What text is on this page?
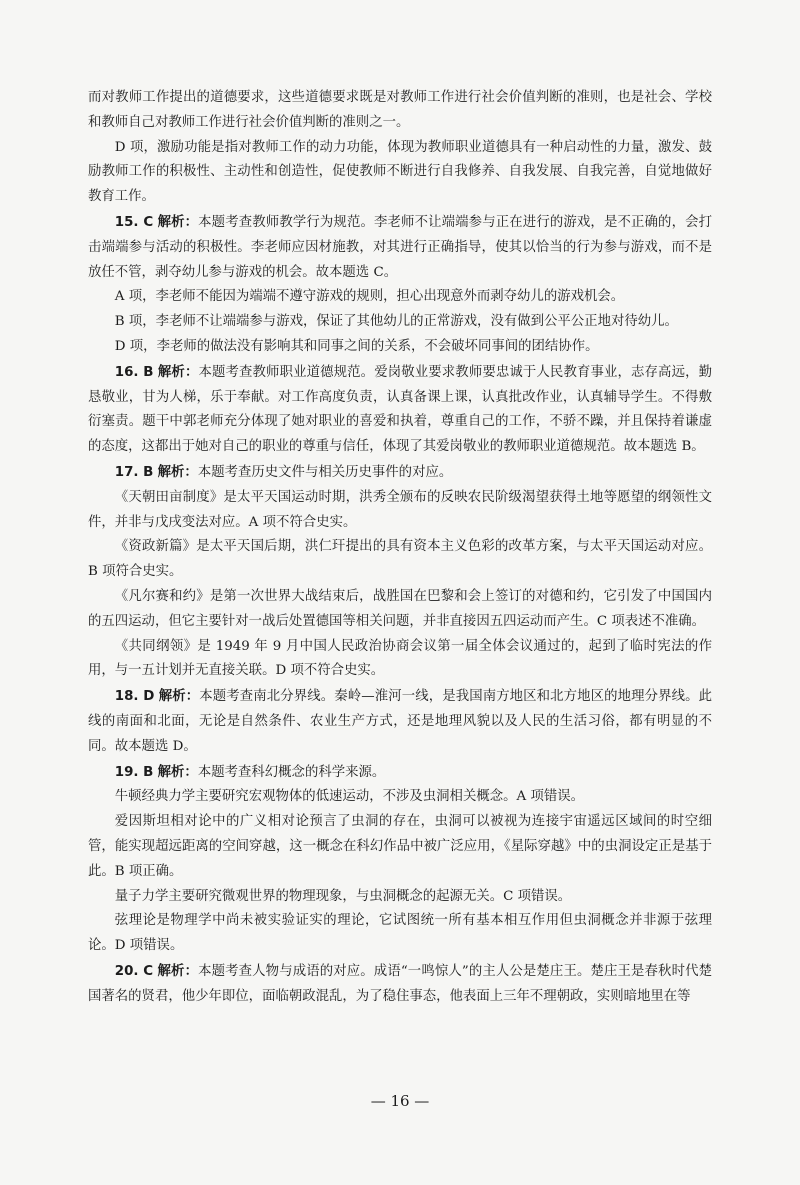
而对教师工作提出的道德要求，这些道德要求既是对教师工作进行社会价值判断的准则，也是社会、学校和教师自己对教师工作进行社会价值判断的准则之一。

D 项，激励功能是指对教师工作的动力功能，体现为教师职业道德具有一种启动性的力量，激发、鼓励教师工作的积极性、主动性和创造性，促使教师不断进行自我修养、自我发展、自我完善，自觉地做好教育工作。

15. C 解析：本题考查教师教学行为规范。李老师不让端端参与正在进行的游戏，是不正确的，会打击端端参与活动的积极性。李老师应因材施教，对其进行正确指导，使其以恰当的行为参与游戏，而不是放任不管，剥夺幼儿参与游戏的机会。故本题选 C。

A 项，李老师不能因为端端不遵守游戏的规则，担心出现意外而剥夺幼儿的游戏机会。

B 项，李老师不让端端参与游戏，保证了其他幼儿的正常游戏，没有做到公平公正地对待幼儿。

D 项，李老师的做法没有影响其和同事之间的关系，不会破坏同事间的团结协作。

16. B 解析：本题考查教师职业道德规范。爱岗敬业要求教师要忠诚于人民教育事业，志存高远，勤恳敬业，甘为人梯，乐于奉献。对工作高度负责，认真备课上课，认真批改作业，认真辅导学生。不得敷衍塞责。题干中郭老师充分体现了她对职业的喜爱和执着，尊重自己的工作，不骄不躁，并且保持着谦虚的态度，这都出于她对自己的职业的尊重与信任，体现了其爱岗敬业的教师职业道德规范。故本题选 B。

17. B 解析：本题考查历史文件与相关历史事件的对应。

《天朝田亩制度》是太平天国运动时期，洪秀全颁布的反映农民阶级渴望获得土地等愿望的纲领性文件，并非与戊戌变法对应。A 项不符合史实。

《资政新篇》是太平天国后期，洪仁玕提出的具有资本主义色彩的改革方案，与太平天国运动对应。B 项符合史实。

《凡尔赛和约》是第一次世界大战结束后，战胜国在巴黎和会上签订的对德和约，它引发了中国国内的五四运动，但它主要针对一战后处置德国等相关问题，并非直接因五四运动而产生。C 项表述不准确。

《共同纲领》是 1949 年 9 月中国人民政治协商会议第一届全体会议通过的，起到了临时宪法的作用，与一五计划并无直接关联。D 项不符合史实。

18. D 解析：本题考查南北分界线。秦岭—淮河一线，是我国南方地区和北方地区的地理分界线。此线的南面和北面，无论是自然条件、农业生产方式，还是地理风貌以及人民的生活习俗，都有明显的不同。故本题选 D。

19. B 解析：本题考查科幻概念的科学来源。

牛顿经典力学主要研究宏观物体的低速运动，不涉及虫洞相关概念。A 项错误。

爱因斯坦相对论中的广义相对论预言了虫洞的存在，虫洞可以被视为连接宇宙遥远区域间的时空细管，能实现超远距离的空间穿越，这一概念在科幻作品中被广泛应用，《星际穿越》中的虫洞设定正是基于此。B 项正确。

量子力学主要研究微观世界的物理现象，与虫洞概念的起源无关。C 项错误。

弦理论是物理学中尚未被实验证实的理论，它试图统一所有基本相互作用但虫洞概念并非源于弦理论。D 项错误。

20. C 解析：本题考查人物与成语的对应。成语“一鸣惊人”的主人公是楚庄王。楚庄王是春秋时代楚国著名的贤君，他少年即位，面临朝政混乱，为了稳住事态，他表面上三年不理朝政，实则暗地里在等

— 16 —
